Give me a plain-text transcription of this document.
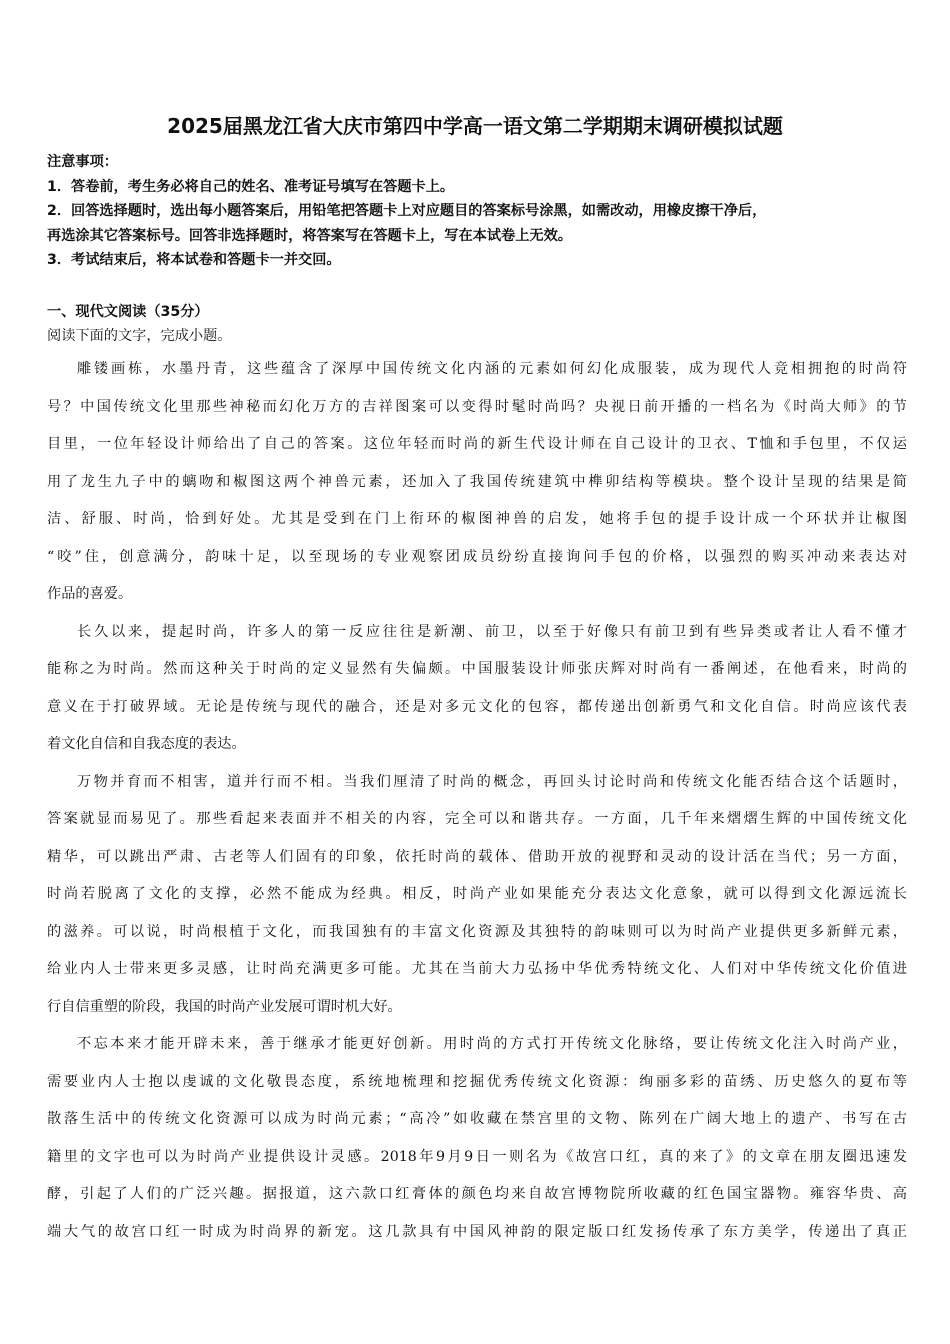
2025届黑龙江省大庆市第四中学高一语文第二学期期末调研模拟试题
注意事项：
1．答卷前，考生务必将自己的姓名、准考证号填写在答题卡上。
2．回答选择题时，选出每小题答案后，用铅笔把答题卡上对应题目的答案标号涂黑，如需改动，用橡皮擦干净后，
再选涂其它答案标号。回答非选择题时，将答案写在答题卡上，写在本试卷上无效。
3．考试结束后，将本试卷和答题卡一并交回。
一、现代文阅读（35分）
阅读下面的文字，完成小题。
雕镂画栋，水墨丹青，这些蕴含了深厚中国传统文化内涵的元素如何幻化成服装，成为现代人竞相拥抱的时尚符
号？中国传统文化里那些神秘而幻化万方的吉祥图案可以变得时髦时尚吗？央视日前开播的一档名为《时尚大师》的节
目里，一位年轻设计师给出了自己的答案。这位年轻而时尚的新生代设计师在自己设计的卫衣、T恤和手包里，不仅运
用了龙生九子中的螭吻和椒图这两个神兽元素，还加入了我国传统建筑中榫卯结构等模块。整个设计呈现的结果是简
洁、舒服、时尚，恰到好处。尤其是受到在门上衔环的椒图神兽的启发，她将手包的提手设计成一个环状并让椒图
“咬”住，创意满分，韵味十足，以至现场的专业观察团成员纷纷直接询问手包的价格，以强烈的购买冲动来表达对
作品的喜爱。
长久以来，提起时尚，许多人的第一反应往往是新潮、前卫，以至于好像只有前卫到有些异类或者让人看不懂才
能称之为时尚。然而这种关于时尚的定义显然有失偏颇。中国服装设计师张庆辉对时尚有一番阐述，在他看来，时尚的
意义在于打破界域。无论是传统与现代的融合，还是对多元文化的包容，都传递出创新勇气和文化自信。时尚应该代表
着文化自信和自我态度的表达。
万物并育而不相害，道并行而不相。当我们厘清了时尚的概念，再回头讨论时尚和传统文化能否结合这个话题时，
答案就显而易见了。那些看起来表面并不相关的内容，完全可以和谐共存。一方面，几千年来熠熠生辉的中国传统文化
精华，可以跳出严肃、古老等人们固有的印象，依托时尚的载体、借助开放的视野和灵动的设计活在当代；另一方面，
时尚若脱离了文化的支撑，必然不能成为经典。相反，时尚产业如果能充分表达文化意象，就可以得到文化源远流长
的滋养。可以说，时尚根植于文化，而我国独有的丰富文化资源及其独特的韵味则可以为时尚产业提供更多新鲜元素，
给业内人士带来更多灵感，让时尚充满更多可能。尤其在当前大力弘扬中华优秀特统文化、人们对中华传统文化价值进
行自信重塑的阶段，我国的时尚产业发展可谓时机大好。
不忘本来才能开辟未来，善于继承才能更好创新。用时尚的方式打开传统文化脉络，要让传统文化注入时尚产业，
需要业内人士抱以虔诚的文化敬畏态度，系统地梳理和挖掘优秀传统文化资源：绚丽多彩的苗绣、历史悠久的夏布等
散落生活中的传统文化资源可以成为时尚元素；“高冷”如收藏在禁宫里的文物、陈列在广阔大地上的遗产、书写在古
籍里的文字也可以为时尚产业提供设计灵感。2018年9月9日一则名为《故宫口红，真的来了》的文章在朋友圈迅速发
酵，引起了人们的广泛兴趣。据报道，这六款口红膏体的颜色均来自故宫博物院所收藏的红色国宝器物。雍容华贵、高
端大气的故宫口红一时成为时尚界的新宠。这几款具有中国风神韵的限定版口红发扬传承了东方美学，传递出了真正
